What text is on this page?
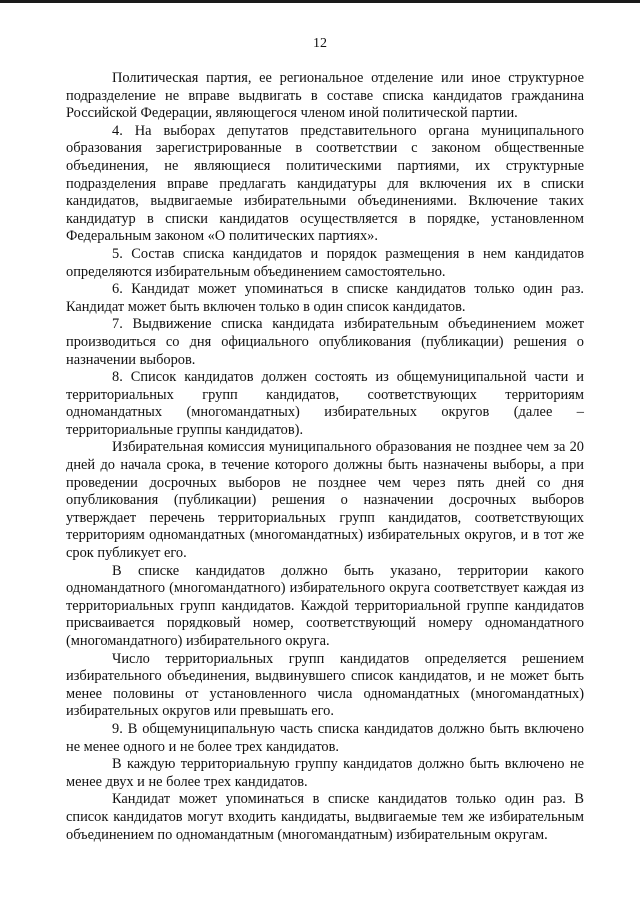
12

Политическая партия, ее региональное отделение или иное структурное подразделение не вправе выдвигать в составе списка кандидатов гражданина Российской Федерации, являющегося членом иной политической партии.

4. На выборах депутатов представительного органа муниципального образования зарегистрированные в соответствии с законом общественные объединения, не являющиеся политическими партиями, их структурные подразделения вправе предлагать кандидатуры для включения их в списки кандидатов, выдвигаемые избирательными объединениями. Включение таких кандидатур в списки кандидатов осуществляется в порядке, установленном Федеральным законом «О политических партиях».

5. Состав списка кандидатов и порядок размещения в нем кандидатов определяются избирательным объединением самостоятельно.

6. Кандидат может упоминаться в списке кандидатов только один раз. Кандидат может быть включен только в один список кандидатов.

7. Выдвижение списка кандидата избирательным объединением может производиться со дня официального опубликования (публикации) решения о назначении выборов.

8. Список кандидатов должен состоять из общемуниципальной части и территориальных групп кандидатов, соответствующих территориям одномандатных (многомандатных) избирательных округов (далее – территориальные группы кандидатов).

Избирательная комиссия муниципального образования не позднее чем за 20 дней до начала срока, в течение которого должны быть назначены выборы, а при проведении досрочных выборов не позднее чем через пять дней со дня опубликования (публикации) решения о назначении досрочных выборов утверждает перечень территориальных групп кандидатов, соответствующих территориям одномандатных (многомандатных) избирательных округов, и в тот же срок публикует его.

В списке кандидатов должно быть указано, территории какого одномандатного (многомандатного) избирательного округа соответствует каждая из территориальных групп кандидатов. Каждой территориальной группе кандидатов присваивается порядковый номер, соответствующий номеру одномандатного (многомандатного) избирательного округа.

Число территориальных групп кандидатов определяется решением избирательного объединения, выдвинувшего список кандидатов, и не может быть менее половины от установленного числа одномандатных (многомандатных) избирательных округов или превышать его.

9. В общемуниципальную часть списка кандидатов должно быть включено не менее одного и не более трех кандидатов.

В каждую территориальную группу кандидатов должно быть включено не менее двух и не более трех кандидатов.

Кандидат может упоминаться в списке кандидатов только один раз. В список кандидатов могут входить кандидаты, выдвигаемые тем же избирательным объединением по одномандатным (многомандатным) избирательным округам.
